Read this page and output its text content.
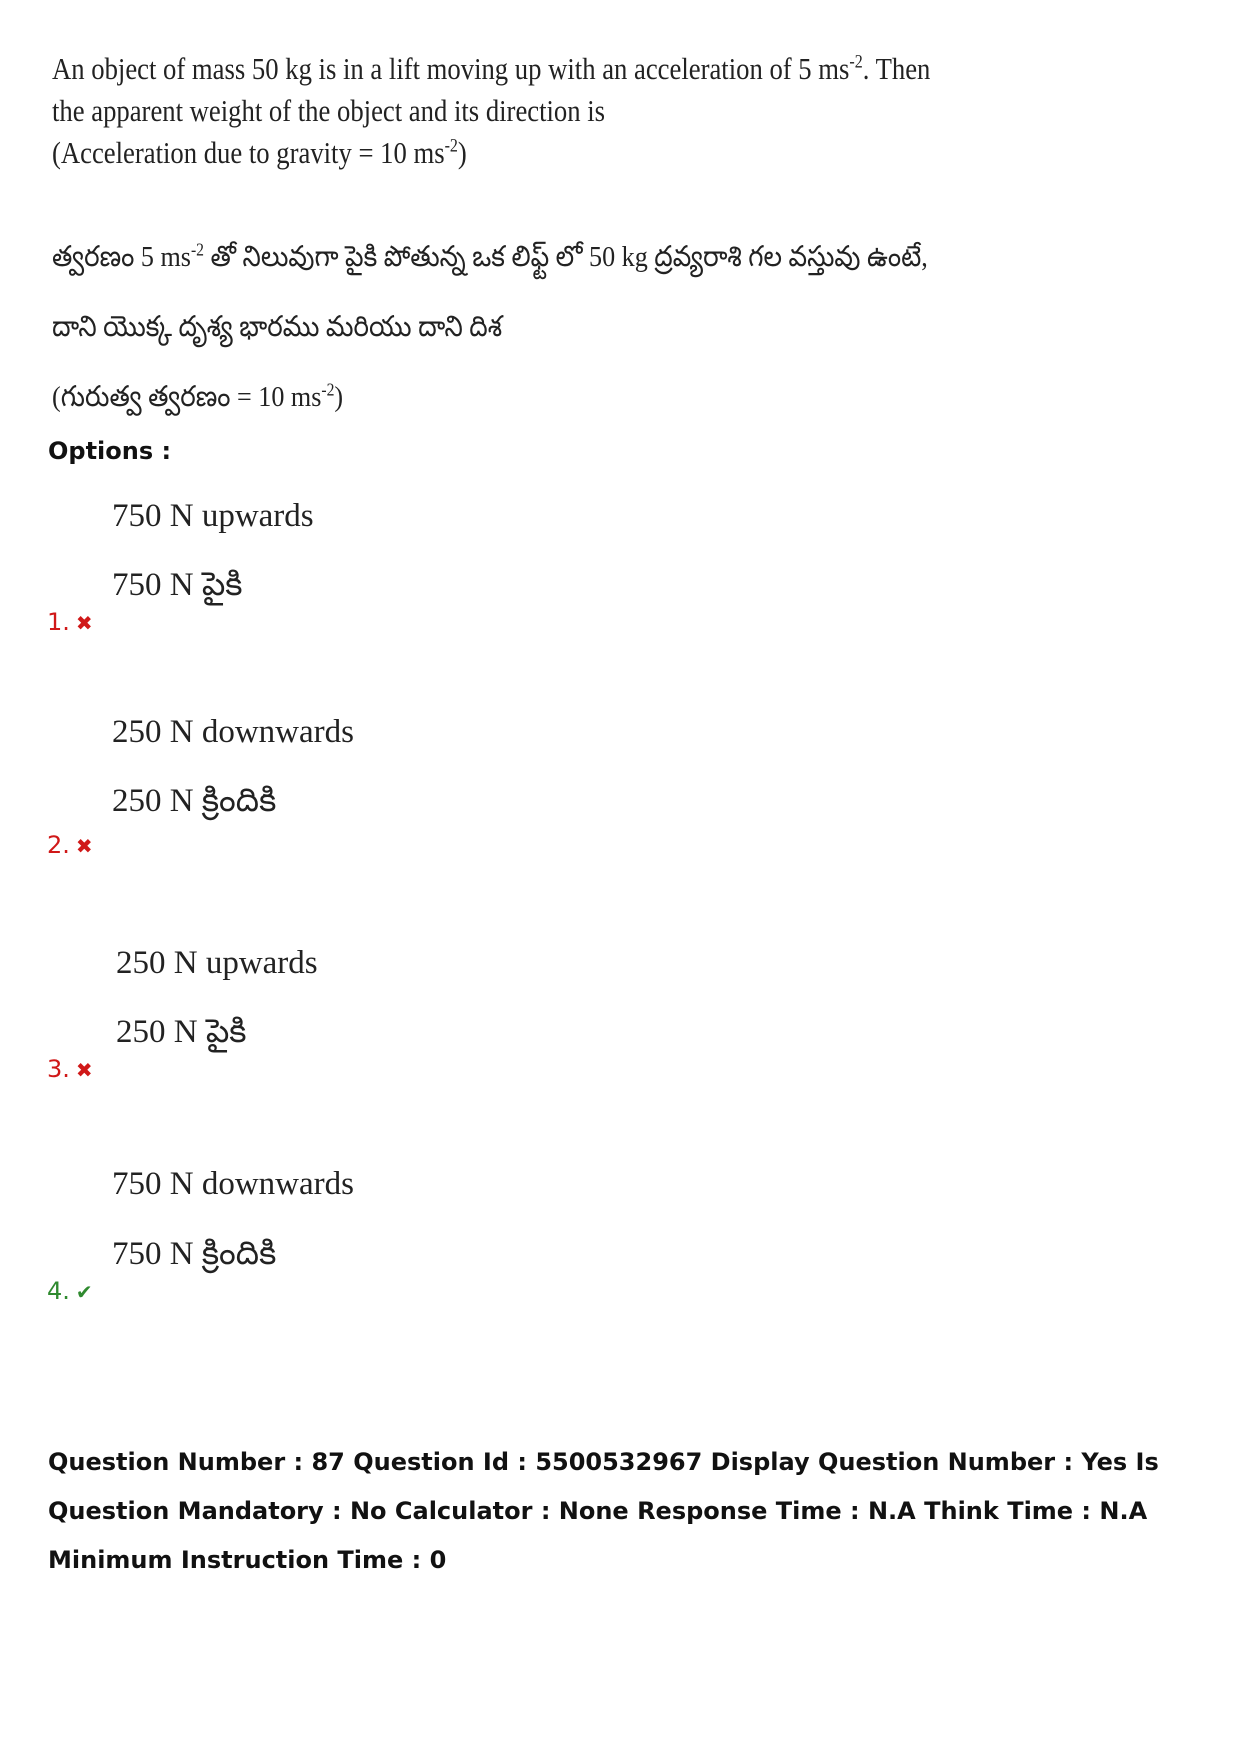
An object of mass 50 kg is in a lift moving up with an acceleration of 5 $ms^{-2}$. Then
the apparent weight of the object and its direction is
(Acceleration due to gravity = 10 $ms^{-2}$)
త్వరణం 5 $ms^{-2}$ తో నిలువుగా పైకి పోతున్న ఒక లిఫ్ట్ లో 50 kg ద్రవ్యరాశి గల వస్తువు ఉంటే,
దాని యొక్క దృశ్య భారము మరియు దాని దిశ
(గురుత్వ త్వరణం = 10 $ms^{-2}$)
Options :
750 N upwards
750 N పైకి
1. ✖
250 N downwards
250 N క్రిందికి
2. ✖
250 N upwards
250 N పైకి
3. ✖
750 N downwards
750 N క్రిందికి
4. ✔
Question Number : 87 Question Id : 5500532967 Display Question Number : Yes Is Question Mandatory : No Calculator : None Response Time : N.A Think Time : N.A Minimum Instruction Time : 0
